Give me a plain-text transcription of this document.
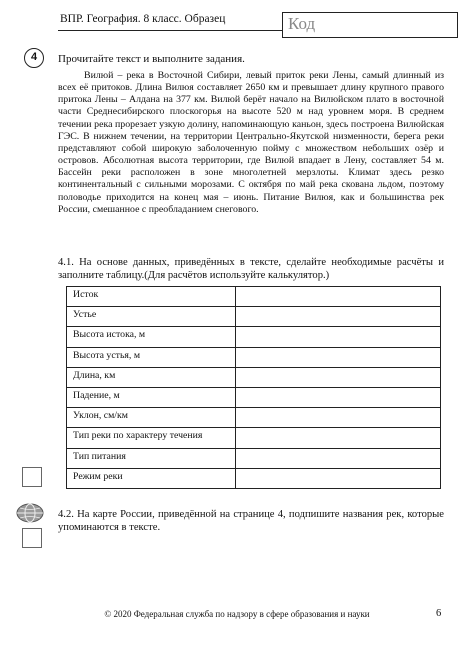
ВПР. География. 8 класс. Образец	Код
4	Прочитайте текст и выполните задания.

Вилюй – река в Восточной Сибири, левый приток реки Лены, самый длинный из всех её притоков. Длина Вилюя составляет 2650 км и превышает длину крупного правого притока Лены – Алдана на 377 км. Вилюй берёт начало на Вилюйском плато в восточной части Среднесибирского плоскогорья на высоте 520 м над уровнем моря. В среднем течении река прорезает узкую долину, напоминающую каньон, здесь построена Вилюйская ГЭС. В нижнем течении, на территории Центрально-Якутской низменности, берега реки представляют собой широкую заболоченную пойму с множеством небольших озёр и островов. Абсолютная высота территории, где Вилюй впадает в Лену, составляет 54 м. Бассейн реки расположен в зоне многолетней мерзлоты. Климат здесь резко континентальный с сильными морозами. С октября по май река скована льдом, поэтому половодье приходится на конец мая – июнь. Питание Вилюя, как и большинства рек России, смешанное с преобладанием снегового.

4.1. На основе данных, приведённых в тексте, сделайте необходимые расчёты и заполните таблицу.(Для расчётов используйте калькулятор.)

Исток	
Устье	
Высота истока, м	
Высота устья, м	
Длина, км	
Падение, м	
Уклон, см/км	
Тип реки по характеру течения	
Тип питания	
Режим реки	

4.2. На карте России, приведённой на странице 4, подпишите названия рек, которые упоминаются в тексте.

© 2020 Федеральная служба по надзору в сфере образования и науки	6
